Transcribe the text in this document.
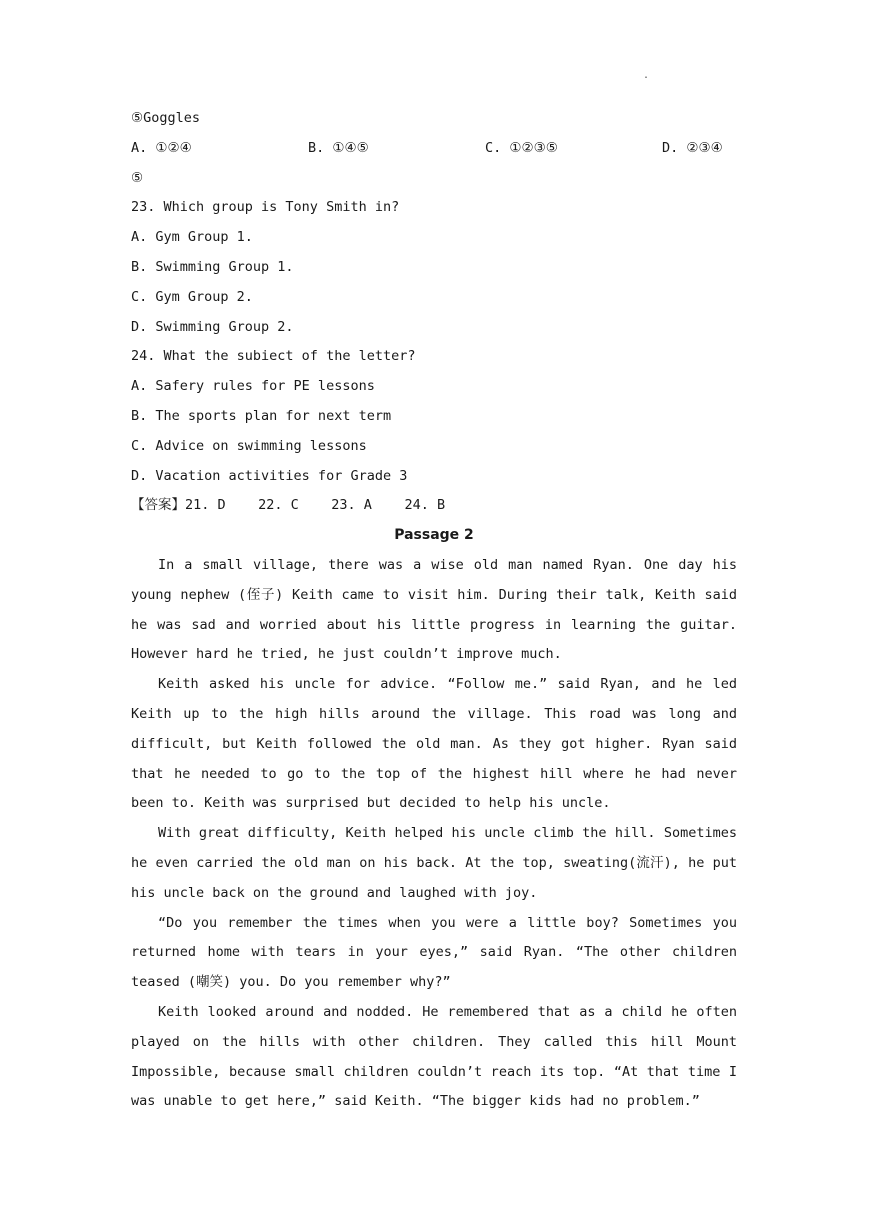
.
⑤Goggles
A. ①②④	B. ①④⑤	C. ①②③⑤	D. ②③④
⑤
23. Which group is Tony Smith in?
A. Gym Group 1.
B. Swimming Group 1.
C. Gym Group 2.
D. Swimming Group 2.
24. What the subiect of the letter?
A. Safery rules for PE lessons
B. The sports plan for next term
C. Advice on swimming lessons
D. Vacation activities for Grade 3
【答案】21. D    22. C    23. A    24. B
Passage 2

In a small village, there was a wise old man named Ryan. One day his young nephew (侄子) Keith came to visit him. During their talk, Keith said he was sad and worried about his little progress in learning the guitar. However hard he tried, he just couldn’t improve much.

Keith asked his uncle for advice. “Follow me.” said Ryan, and he led Keith up to the high hills around the village. This road was long and difficult, but Keith followed the old man. As they got higher. Ryan said that he needed to go to the top of the highest hill where he had never been to. Keith was surprised but decided to help his uncle.

With great difficulty, Keith helped his uncle climb the hill. Sometimes he even carried the old man on his back. At the top, sweating(流汗), he put his uncle back on the ground and laughed with joy.

“Do you remember the times when you were a little boy? Sometimes you returned home with tears in your eyes,” said Ryan. “The other children teased (嘲笑) you. Do you remember why?”

Keith looked around and nodded. He remembered that as a child he often played on the hills with other children. They called this hill Mount Impossible, because small children couldn’t reach its top. “At that time I was unable to get here,” said Keith. “The bigger kids had no problem.”
